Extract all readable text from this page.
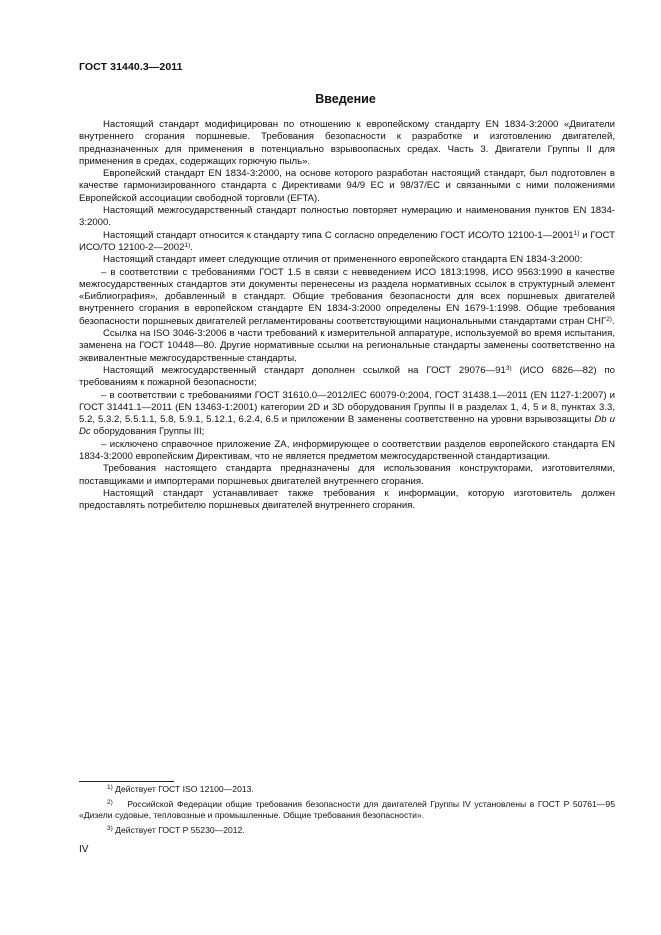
ГОСТ 31440.3—2011
Введение

Настоящий стандарт модифицирован по отношению к европейскому стандарту EN 1834-3:2000 «Двигатели внутреннего сгорания поршневые. Требования безопасности к разработке и изготовлению двигателей, предназначенных для применения в потенциально взрывоопасных средах. Часть 3. Двигатели Группы II для применения в средах, содержащих горючую пыль».

Европейский стандарт EN 1834-3:2000, на основе которого разработан настоящий стандарт, был подготовлен в качестве гармонизированного стандарта с Директивами 94/9 ЕС и 98/37/ЕС и связанными с ними положениями Европейской ассоциации свободной торговли (EFTA).

Настоящий межгосударственный стандарт полностью повторяет нумерацию и наименования пунктов EN 1834-3:2000.

Настоящий стандарт относится к стандарту типа С согласно определению ГОСТ ИСО/ТО 12100-1—2001$^{1)}$ и ГОСТ ИСО/ТО 12100-2—2002$^{1)}$.

Настоящий стандарт имеет следующие отличия от примененного европейского стандарта EN 1834-3:2000:

– в соответствии с требованиями ГОСТ 1.5 в связи с невведением ИСО 1813:1998, ИСО 9563:1990 в качестве межгосударственных стандартов эти документы перенесены из раздела нормативных ссылок в структурный элемент «Библиография», добавленный в стандарт. Общие требования безопасности для всех поршневых двигателей внутреннего сгорания в европейском стандарте EN 1834-3:2000 определены EN 1679-1:1998. Общие требования безопасности поршневых двигателей регламентированы соответствующими национальными стандартами стран СНГ$^{2)}$.

Ссылка на ISO 3046-3:2006 в части требований к измерительной аппаратуре, используемой во время испытания, заменена на ГОСТ 10448—80. Другие нормативные ссылки на региональные стандарты заменены соответственно на эквивалентные межгосударственные стандарты.

Настоящий межгосударственный стандарт дополнен ссылкой на ГОСТ 29076—91$^{3)}$ (ИСО 6826—82) по требованиям к пожарной безопасности;

– в соответствии с требованиями ГОСТ 31610.0—2012/IEC 60079-0:2004, ГОСТ 31438.1—2011 (EN 1127-1:2007) и ГОСТ 31441.1—2011 (EN 13463-1:2001) категории 2D и 3D оборудования Группы II в разделах 1, 4, 5 и 8, пунктах 3.3, 5.2, 5.3.2, 5.5.1.1, 5.8, 5.9.1, 5.12.1, 6.2.4, 6.5 и приложении В заменены соответственно на уровни взрывозащиты Db и Dc оборудования Группы III;

– исключено справочное приложение ZA, информирующее о соответствии разделов европейского стандарта EN 1834-3:2000 европейским Директивам, что не является предметом межгосударственной стандартизации.

Требования настоящего стандарта предназначены для использования конструкторами, изготовителями, поставщиками и импортерами поршневых двигателей внутреннего сгорания.

Настоящий стандарт устанавливает также требования к информации, которую изготовитель должен предоставлять потребителю поршневых двигателей внутреннего сгорания.

$^{1)}$ Действует ГОСТ ISO 12100—2013.

$^{2)}$ Российской Федерации общие требования безопасности для двигателей Группы IV установлены в ГОСТ Р 50761—95 «Дизели судовые, тепловозные и промышленные. Общие требования безопасности».

$^{3)}$ Действует ГОСТ Р 55230—2012.

IV
